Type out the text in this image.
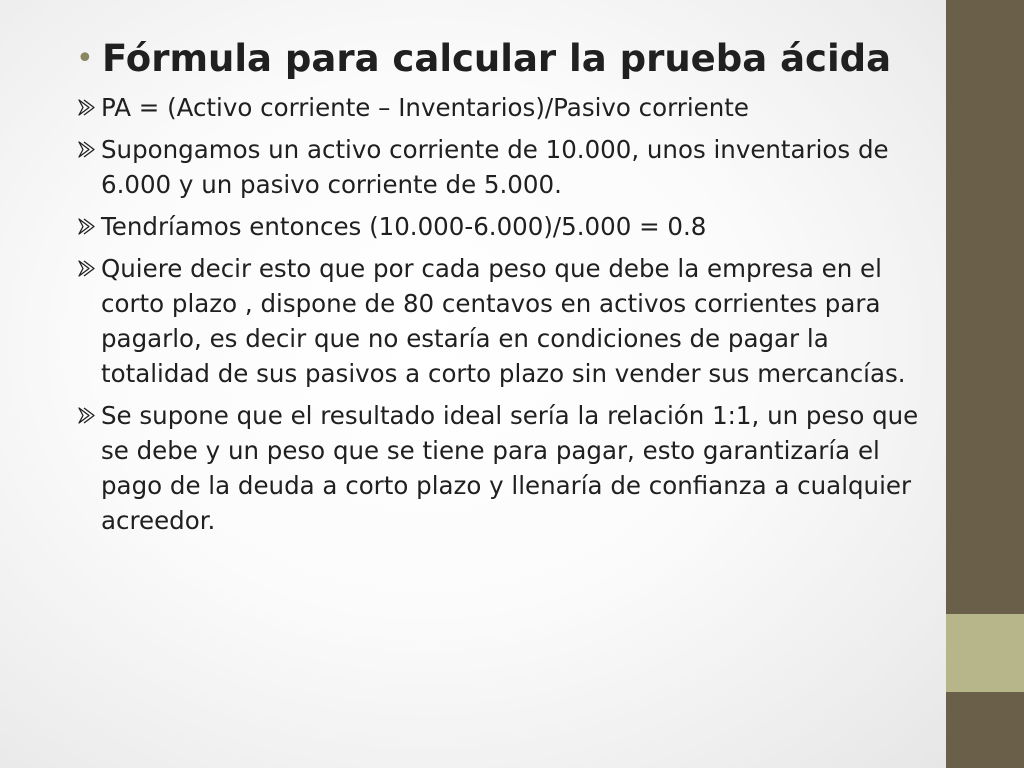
• Fórmula para calcular la prueba ácida
PA = (Activo corriente – Inventarios)/Pasivo corriente
Supongamos un activo corriente de 10.000, unos inventarios de 6.000 y un pasivo corriente de 5.000.
Tendríamos entonces (10.000-6.000)/5.000 = 0.8
Quiere decir esto que por cada peso que debe la empresa en el corto plazo , dispone de 80 centavos en activos corrientes para pagarlo, es decir que no estaría en condiciones de pagar la totalidad de sus pasivos a corto plazo sin vender sus mercancías.
Se supone que el resultado ideal sería la relación 1:1, un peso que se debe y un peso que se tiene para pagar, esto garantizaría el pago de la deuda a corto plazo y llenaría de confianza a cualquier acreedor.
